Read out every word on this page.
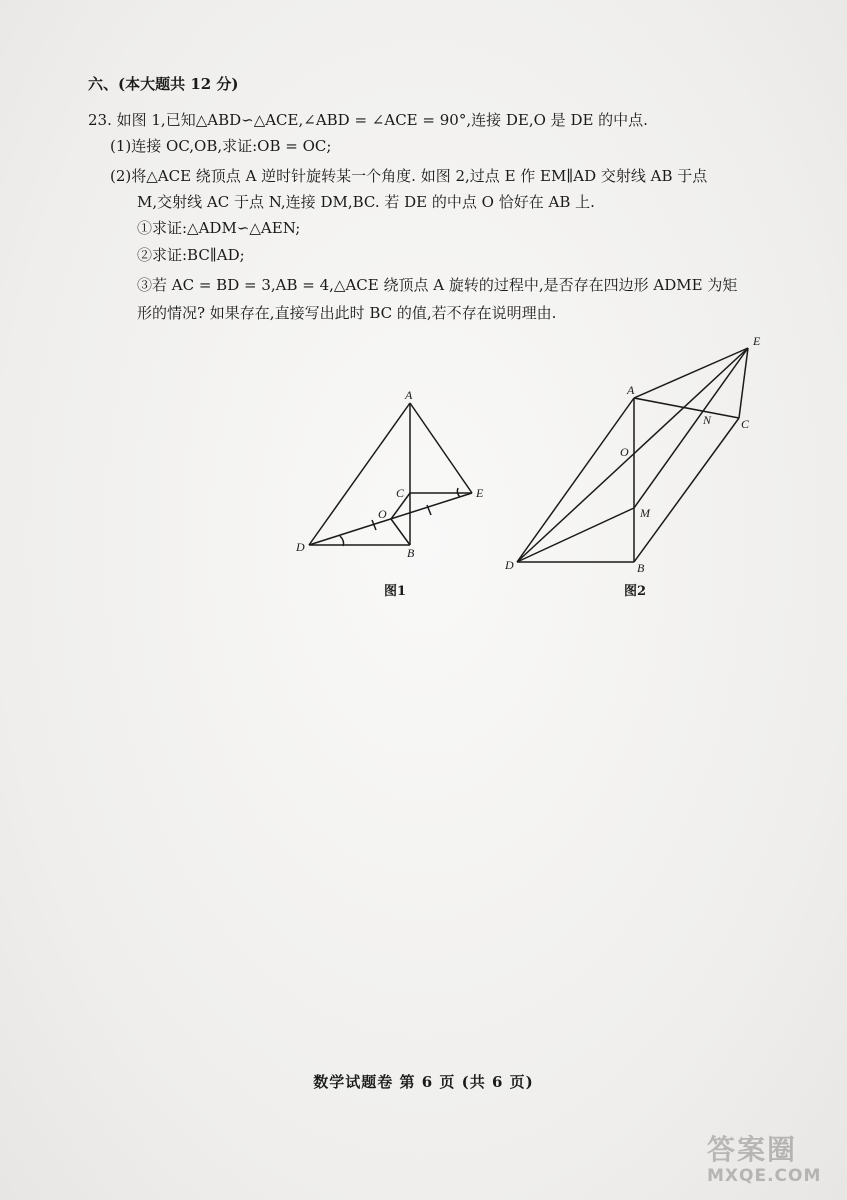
六、(本大题共 12 分)
23. 如图 1,已知△ABD∽△ACE,∠ABD = ∠ACE = 90°,连接 DE,O 是 DE 的中点.
(1)连接 OC,OB,求证:OB = OC;
(2)将△ACE 绕顶点 A 逆时针旋转某一个角度. 如图 2,过点 E 作 EM∥AD 交射线 AB 于点
M,交射线 AC 于点 N,连接 DM,BC. 若 DE 的中点 O 恰好在 AB 上.
①求证:△ADM∽△AEN;
②求证:BC∥AD;
③若 AC = BD = 3,AB = 4,△ACE 绕顶点 A 旋转的过程中,是否存在四边形 ADME 为矩
形的情况? 如果存在,直接写出此时 BC 的值,若不存在说明理由.
A
C	E
O
D	B
图1
A
E
N C
O
M
D	B
图2
数学试题卷 第 6 页 (共 6 页)
答案圈
MXQE.COM
